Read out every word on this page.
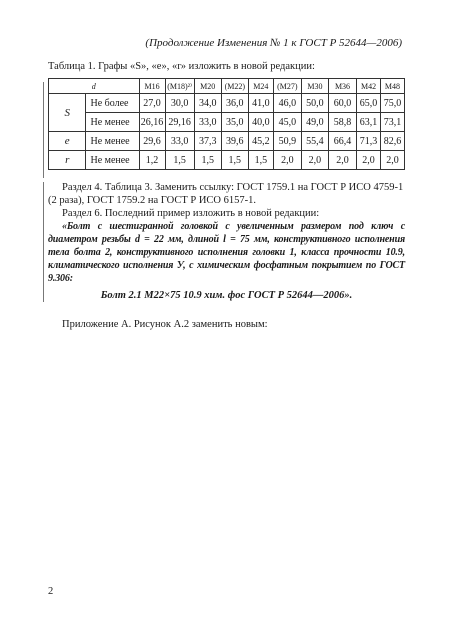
(Продолжение Изменения № 1 к ГОСТ Р 52644—2006)
Таблица 1. Графы «S», «е», «r» изложить в новой редакции:
d		M16	(M18)²⁾	M20	(M22)	M24	(M27)	M30	M36	M42	M48
S	Не более	27,0	30,0	34,0	36,0	41,0	46,0	50,0	60,0	65,0	75,0
	Не менее	26,16	29,16	33,0	35,0	40,0	45,0	49,0	58,8	63,1	73,1
e	Не менее	29,6	33,0	37,3	39,6	45,2	50,9	55,4	66,4	71,3	82,6
r	Не менее	1,2	1,5	1,5	1,5	1,5	2,0	2,0	2,0	2,0	2,0
Раздел 4. Таблица 3. Заменить ссылку: ГОСТ 1759.1 на ГОСТ Р ИСО 4759-1 (2 раза), ГОСТ 1759.2 на ГОСТ Р ИСО 6157-1.
Раздел 6. Последний пример изложить в новой редакции:
«Болт с шестигранной головкой с увеличенным размером под ключ с диаметром резьбы d = 22 мм, длиной l = 75 мм, конструктивного исполнения тела болта 2, конструктивного исполнения головки 1, класса прочности 10.9, климатического исполнения У, с химическим фосфатным покрытием по ГОСТ 9.306:
Болт 2.1 М22×75 10.9 хим. фос ГОСТ Р 52644—2006».
Приложение А. Рисунок А.2 заменить новым:
2
